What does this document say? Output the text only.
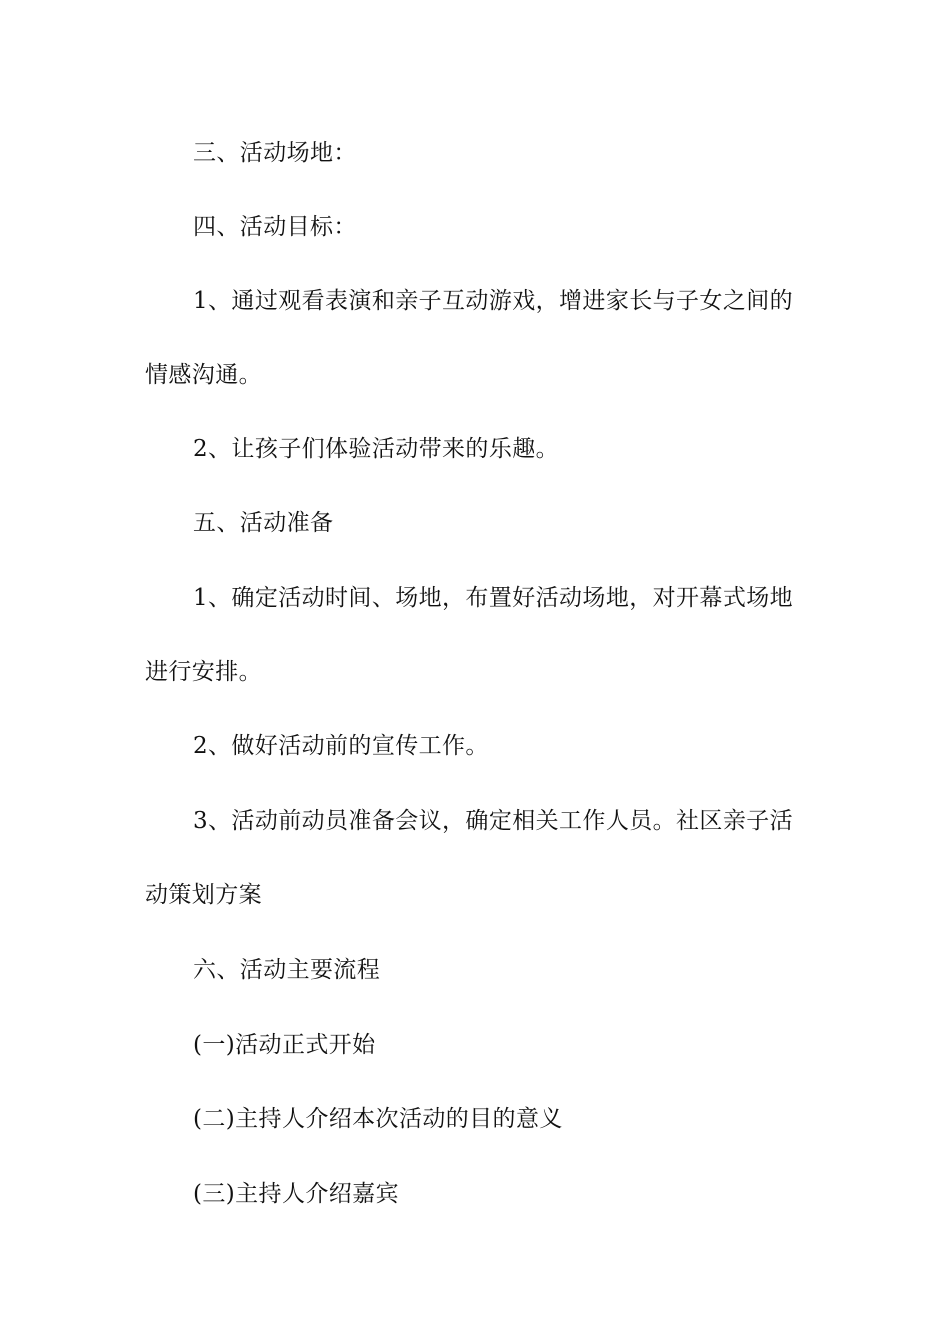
三、活动场地：
四、活动目标：
1、通过观看表演和亲子互动游戏，增进家长与子女之间的
情感沟通。
2、让孩子们体验活动带来的乐趣。
五、活动准备
1、确定活动时间、场地，布置好活动场地，对开幕式场地
进行安排。
2、做好活动前的宣传工作。
3、活动前动员准备会议，确定相关工作人员。社区亲子活
动策划方案
六、活动主要流程
(一)活动正式开始
(二)主持人介绍本次活动的目的意义
(三)主持人介绍嘉宾
